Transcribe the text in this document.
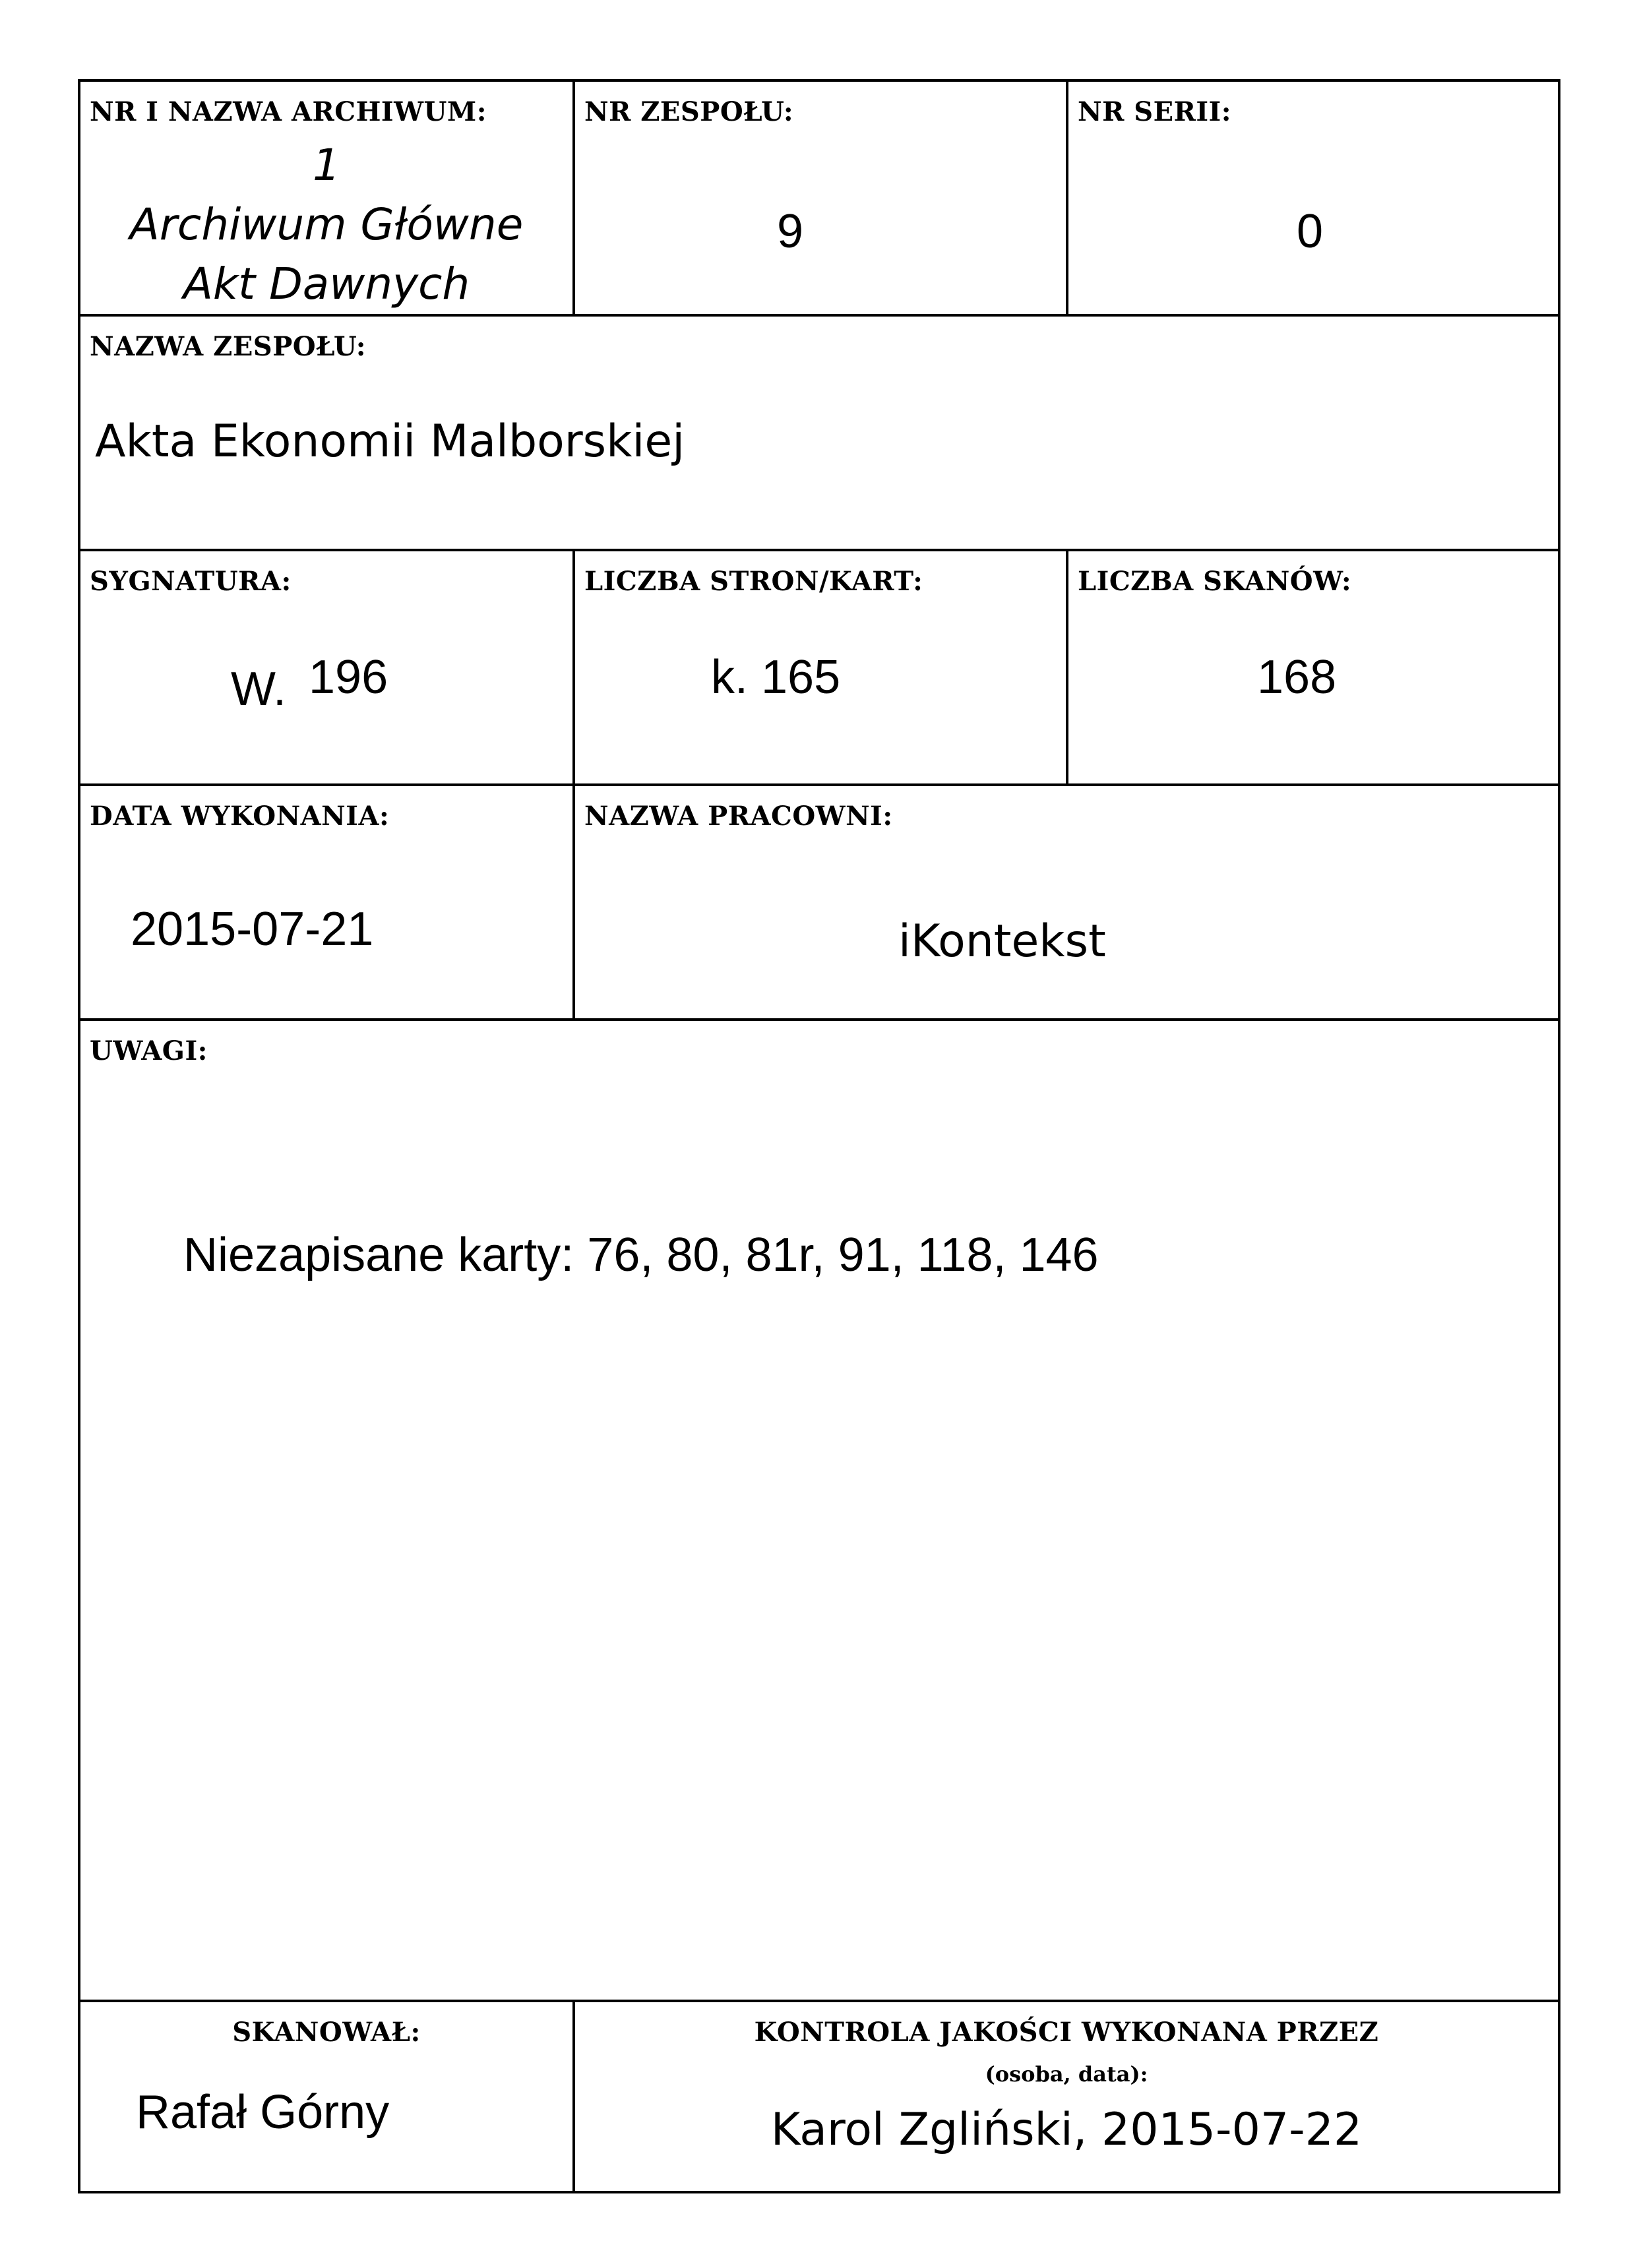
NR I NAZWA ARCHIWUM:
1
Archiwum Główne
Akt Dawnych
NR ZESPOŁU:
9
NR SERII:
0
NAZWA ZESPOŁU:
Akta Ekonomii Malborskiej
SYGNATURA:
W. 196
LICZBA STRON/KART:
k. 165
LICZBA SKANÓW:
168
DATA WYKONANIA:
2015-07-21
NAZWA PRACOWNI:
iKontekst
UWAGI:
Niezapisane karty: 76, 80, 81r, 91, 118, 146
SKANOWAŁ:
Rafał Górny
KONTROLA JAKOŚCI WYKONANA PRZEZ
(osoba, data):
Karol Zgliński, 2015-07-22
